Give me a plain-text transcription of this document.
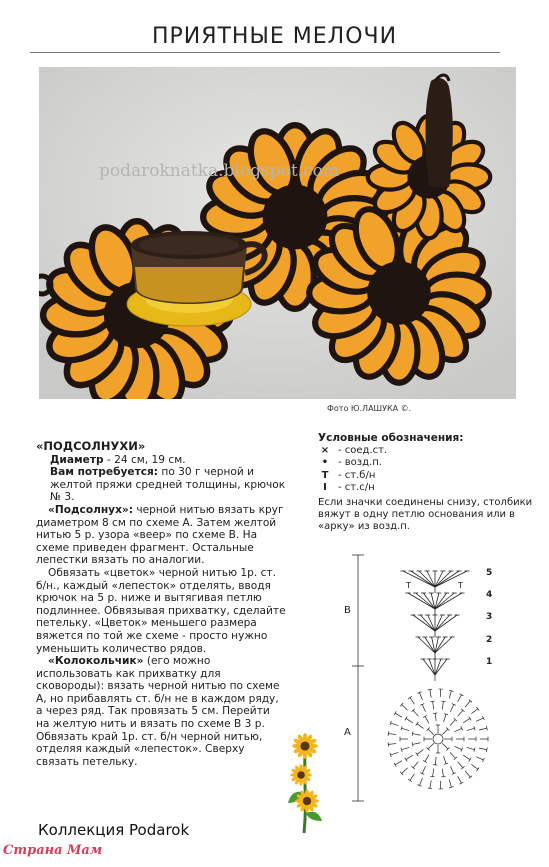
ПРИЯТНЫЕ МЕЛОЧИ
podaroknatka.blogspot.com
Фото Ю.ЛАШУКА ©.
«ПОДСОЛНУХИ»
Диаметр - 24 см, 19 см.
Вам потребуется: по 30 г черной и желтой пряжи средней толщины, крючок № 3.
«Подсолнух»: черной нитью вязать круг диаметром 8 см по схеме А. Затем желтой нитью 5 р. узора «веер» по схеме В. На схеме приведен фрагмент. Остальные лепестки вязать по аналогии.
Обвязать «цветок» черной нитью 1р. ст. б/н., каждый «лепесток» отделять, вводя крючок на 5 р. ниже и вытягивая петлю подлиннее. Обвязывая прихватку, сделайте петельку. «Цветок» меньшего размера вяжется по той же схеме - просто нужно уменьшить количество рядов.
«Колокольчик» (его можно использовать как прихватку для сковороды): вязать черной нитью по схеме А, но прибавлять ст. б/н не в каждом ряду, а через ряд. Так провязать 5 см. Перейти на желтую нить и вязать по схеме В 3 р. Обвязать край 1р. ст. б/н черной нитью, отделяя каждый «лепесток». Сверху связать петельку.
Условные обозначения:
× - соед.ст.
• - возд.п.
Т - ст.б/н
Ι	- ст.с/н
Если значки соединены снизу, столбики вяжут в одну петлю основания или в «арку» из возд.п.
B
A
5
4
3
2
1
Т	Т
Коллекция Podarok
Страна Мам
